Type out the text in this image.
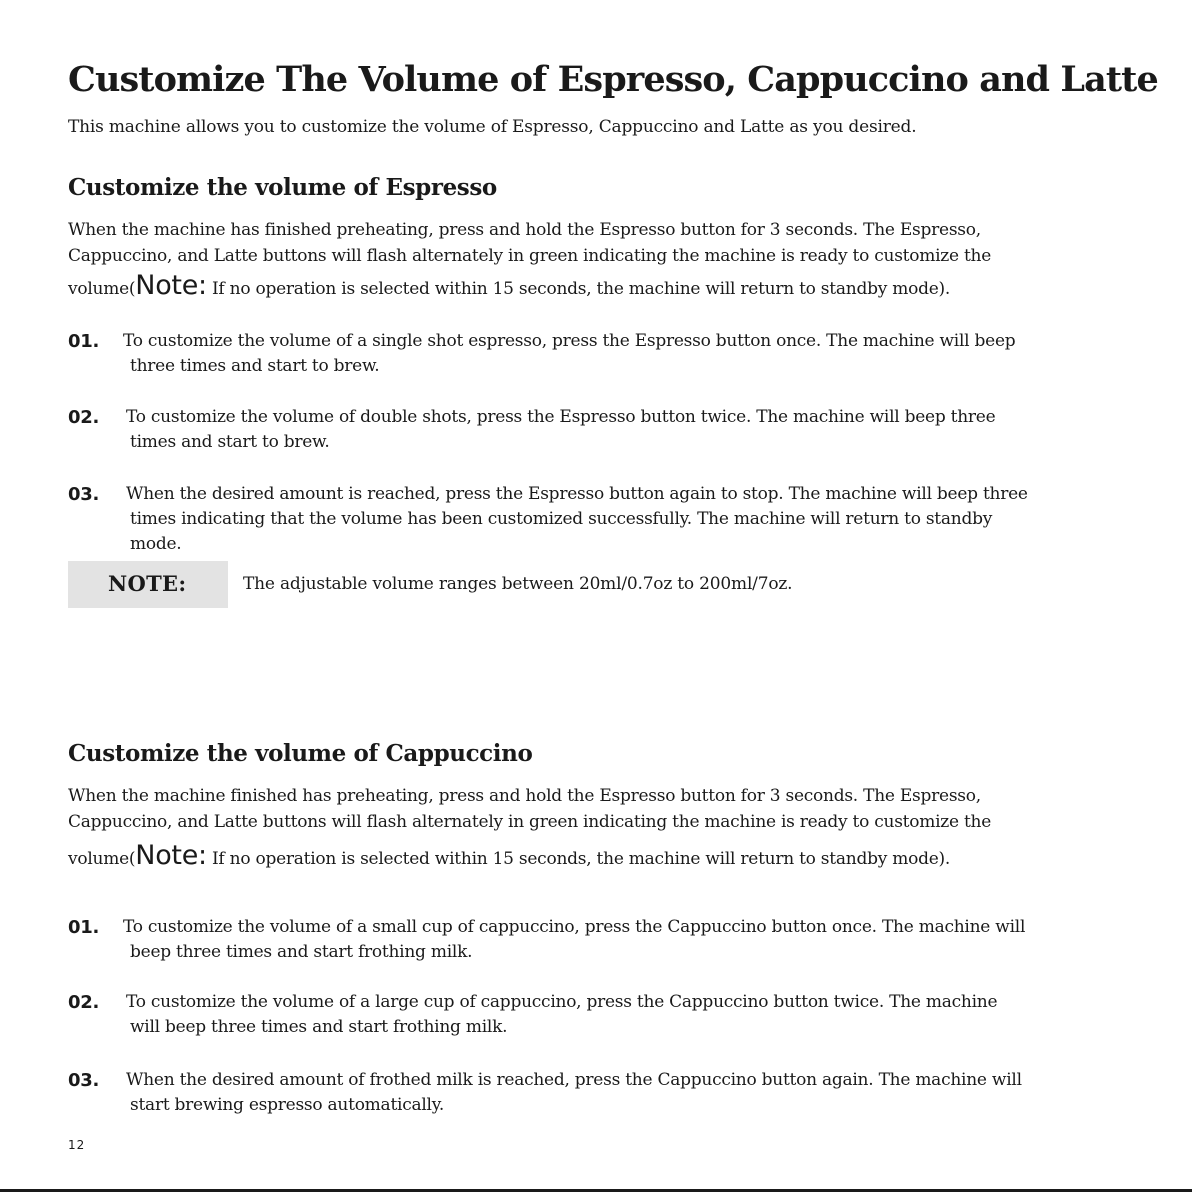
Customize The Volume of Espresso, Cappuccino and Latte

This machine allows you to customize the volume of Espresso, Cappuccino and Latte as you desired.

Customize the volume of Espresso
When the machine has finished preheating, press and hold the Espresso button for 3 seconds. The Espresso,
Cappuccino, and Latte buttons will flash alternately in green indicating the machine is ready to customize the
volume(Note: If no operation is selected within 15 seconds, the machine will return to standby mode).
01. To customize the volume of a single shot espresso, press the Espresso button once. The machine will beep
three times and start to brew.
02. To customize the volume of double shots, press the Espresso button twice. The machine will beep three
times and start to brew.
03. When the desired amount is reached, press the Espresso button again to stop. The machine will beep three
times indicating that the volume has been customized successfully. The machine will return to standby
mode.
NOTE:	The adjustable volume ranges between 20ml/0.7oz to 200ml/7oz.
Customize the volume of Cappuccino
When the machine finished has preheating, press and hold the Espresso button for 3 seconds. The Espresso,
Cappuccino, and Latte buttons will flash alternately in green indicating the machine is ready to customize the
volume(Note: If no operation is selected within 15 seconds, the machine will return to standby mode).
01. To customize the volume of a small cup of cappuccino, press the Cappuccino button once. The machine will
beep three times and start frothing milk.
02. To customize the volume of a large cup of cappuccino, press the Cappuccino button twice. The machine
will beep three times and start frothing milk.
03. When the desired amount of frothed milk is reached, press the Cappuccino button again. The machine will
start brewing espresso automatically.
12
